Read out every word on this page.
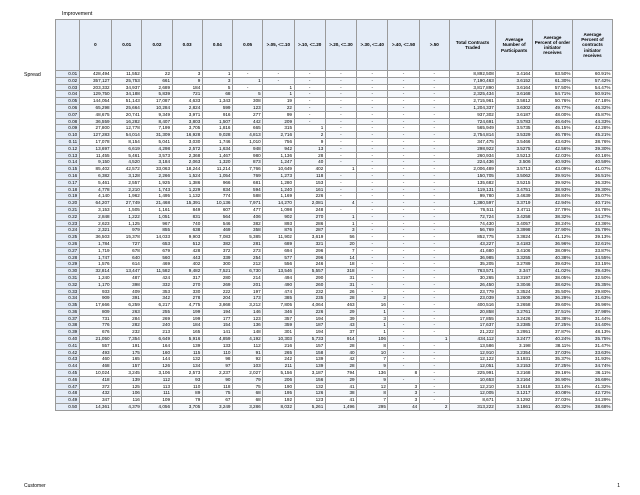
Improvement
Spread
	0	0.01	0.02	0.03	0.04	0.05	>.05, <=.10	>.10, <=.20	>.20, <=.30	>.30, <=.40	>.40, <=.50	>.50	Total Contracts Traded	Average Number of Participants	Average Percent of order initiator receives	Average Percent of contracts initiator receives
0.01	428,494	11,552	22	3	1	-	-	-	-	-	-	-	8,892,508	3.4164	63.50%	60.91%
0.02	357,127	25,753	661	9	3	1	-	-	-	-	-	-	7,190,463	3.6152	61.30%	57.42%
0.03	203,332	34,937	2,689	184	5	-	1	-	-	-	-	-	3,817,890	3.6164	57.50%	54.47%
0.04	129,750	34,188	5,839	721	68	5	1	-	-	-	-	-	2,325,434	3.6168	54.71%	50.91%
0.05	144,054	51,143	17,087	4,633	1,343	308	19	-	-	-	-	-	2,715,961	3.5812	50.76%	47.18%
0.06	65,298	25,664	10,284	2,824	599	123	22	-	-	-	-	-	1,204,337	3.6302	49.77%	46.32%
0.07	48,675	20,741	9,349	3,971	916	277	99	-	-	-	-	-	937,302	3.6187	48.00%	45.87%
0.08	36,559	16,282	8,407	3,803	1,507	442	209	-	-	-	-	-	724,691	3.5783	46.64%	44.33%
0.09	27,800	12,778	7,199	3,705	1,816	665	315	1	-	-	-	-	565,949	3.5735	45.15%	42.28%
0.10	127,283	54,014	31,309	16,928	9,028	4,813	2,716	2	-	-	-	-	2,754,814	3.5329	46.78%	45.21%
0.11	17,078	8,154	5,041	3,030	1,746	1,010	756	9	-	-	-	-	347,475	3.5466	43.63%	38.76%
0.12	13,697	6,619	4,298	2,572	1,634	948	942	13	-	-	-	-	298,922	3.5275	42.56%	39.30%
0.13	11,455	5,461	3,573	2,368	1,467	980	1,136	28	-	-	-	-	260,934	3.5213	42.03%	40.16%
0.14	9,150	4,520	3,184	2,063	1,320	873	1,247	40	-	-	-	-	224,436	3.506	40.93%	40.59%
0.15	85,402	42,572	33,063	18,244	11,214	7,766	10,649	402	1	-	-	-	2,006,489	3.5713	43.09%	41.07%
0.16	6,382	3,128	2,266	1,524	1,054	769	1,273	118	-	-	-	-	150,705	3.5062	39.91%	36.51%
0.17	5,461	2,557	1,925	1,386	966	681	1,280	153	-	-	-	-	135,682	3.5215	39.92%	36.33%
0.18	4,778	2,210	1,743	1,229	834	594	1,240	161	-	-	-	-	119,131	3.4751	38.93%	39.30%
0.19	4,140	1,962	1,495	1,132	774	588	1,169	226	-	-	-	-	99,780	3.4639	38.84%	35.07%
0.20	64,207	27,749	21,468	15,391	10,136	7,971	14,270	2,081	4	-	-	-	1,380,597	3.3719	42.94%	40.71%
0.21	3,153	1,505	1,161	849	607	477	1,098	248	-	-	-	-	76,511	3.4711	37.79%	34.78%
0.22	2,848	1,222	1,051	831	564	406	902	270	1	-	-	-	72,724	3.4258	38.32%	34.27%
0.23	2,623	1,125	967	740	546	382	893	286	1	-	-	-	74,430	3.4057	38.24%	43.36%
0.24	2,321	979	855	638	469	358	876	287	3	-	-	-	56,769	3.3998	37.90%	35.79%
0.25	36,503	15,378	14,033	9,903	7,083	5,385	11,902	3,619	56	-	-	-	852,775	3.3824	41.12%	39.13%
0.26	1,784	727	653	512	382	281	689	321	20	-	-	-	43,227	3.4183	36.96%	32.61%
0.27	1,719	678	679	428	372	273	694	296	7	-	-	-	41,680	3.4106	38.09%	33.87%
0.28	1,747	640	560	443	339	254	577	296	14	-	-	-	36,985	3.3255	40.38%	34.55%
0.29	1,576	614	469	402	300	212	556	246	18	-	-	-	35,205	3.2789	39.63%	33.15%
0.30	32,814	13,447	11,582	9,482	7,521	6,730	13,546	5,557	318	-	-	-	763,571	3.347	41.02%	39.43%
0.31	1,240	487	424	317	280	214	494	290	31	-	-	-	30,265	3.3197	38.05%	32.50%
0.32	1,170	398	332	270	269	201	490	260	31	-	-	-	26,450	3.3046	38.62%	35.35%
0.33	933	409	353	330	222	197	474	232	26	-	-	-	23,779	3.3524	35.50%	29.80%
0.34	909	391	342	278	204	173	385	235	28	2	-	-	23,039	3.2609	36.29%	31.63%
0.35	17,666	6,259	6,217	4,775	3,868	3,212	7,805	4,064	463	16	-	-	400,516	3.2658	39.60%	36.96%
0.36	809	263	255	199	194	146	346	226	29	1	-	-	20,858	3.2761	37.51%	37.98%
0.37	731	284	269	199	177	123	357	194	39	3	-	-	17,855	3.2426	38.38%	31.44%
0.38	776	282	240	184	154	136	359	187	43	1	-	-	17,637	3.2385	37.25%	34.40%
0.39	676	232	213	165	141	148	301	194	37	1	-	-	21,222	3.2951	37.87%	48.13%
0.40	21,050	7,354	6,649	5,916	4,859	4,192	10,303	5,733	914	106	-	1	434,112	3.2477	40.24%	35.75%
0.41	557	191	164	139	133	112	216	157	28	8	-	-	13,586	3.198	38.11%	31.47%
0.42	493	175	160	115	110	91	265	158	40	10	-	-	12,910	3.2354	37.03%	33.63%
0.43	460	165	144	132	98	92	242	139	42	7	-	-	12,122	3.1931	35.37%	31.93%
0.44	468	157	126	134	97	103	211	139	28	9	-	-	12,051	3.2153	37.25%	34.74%
0.45	10,024	3,245	3,106	2,573	2,237	2,027	5,156	3,187	794	136	8	-	225,991	3.2168	39.16%	36.11%
0.46	418	139	112	93	90	79	206	156	29	9	-	-	10,653	3.2164	36.90%	36.69%
0.47	372	125	113	110	118	75	190	132	41	12	3	-	12,210	3.1618	33.14%	41.32%
0.48	432	106	111	89	75	68	195	126	38	8	3	-	12,005	3.1217	40.08%	42.72%
0.49	347	116	109	79	67	68	192	123	41	7	3	-	8,671	3.1292	37.03%	34.29%
0.50	14,361	4,379	4,056	3,705	3,249	3,286	8,032	5,261	1,496	295	44	2	313,222	3.1861	40.32%	38.68%
Customer	1
